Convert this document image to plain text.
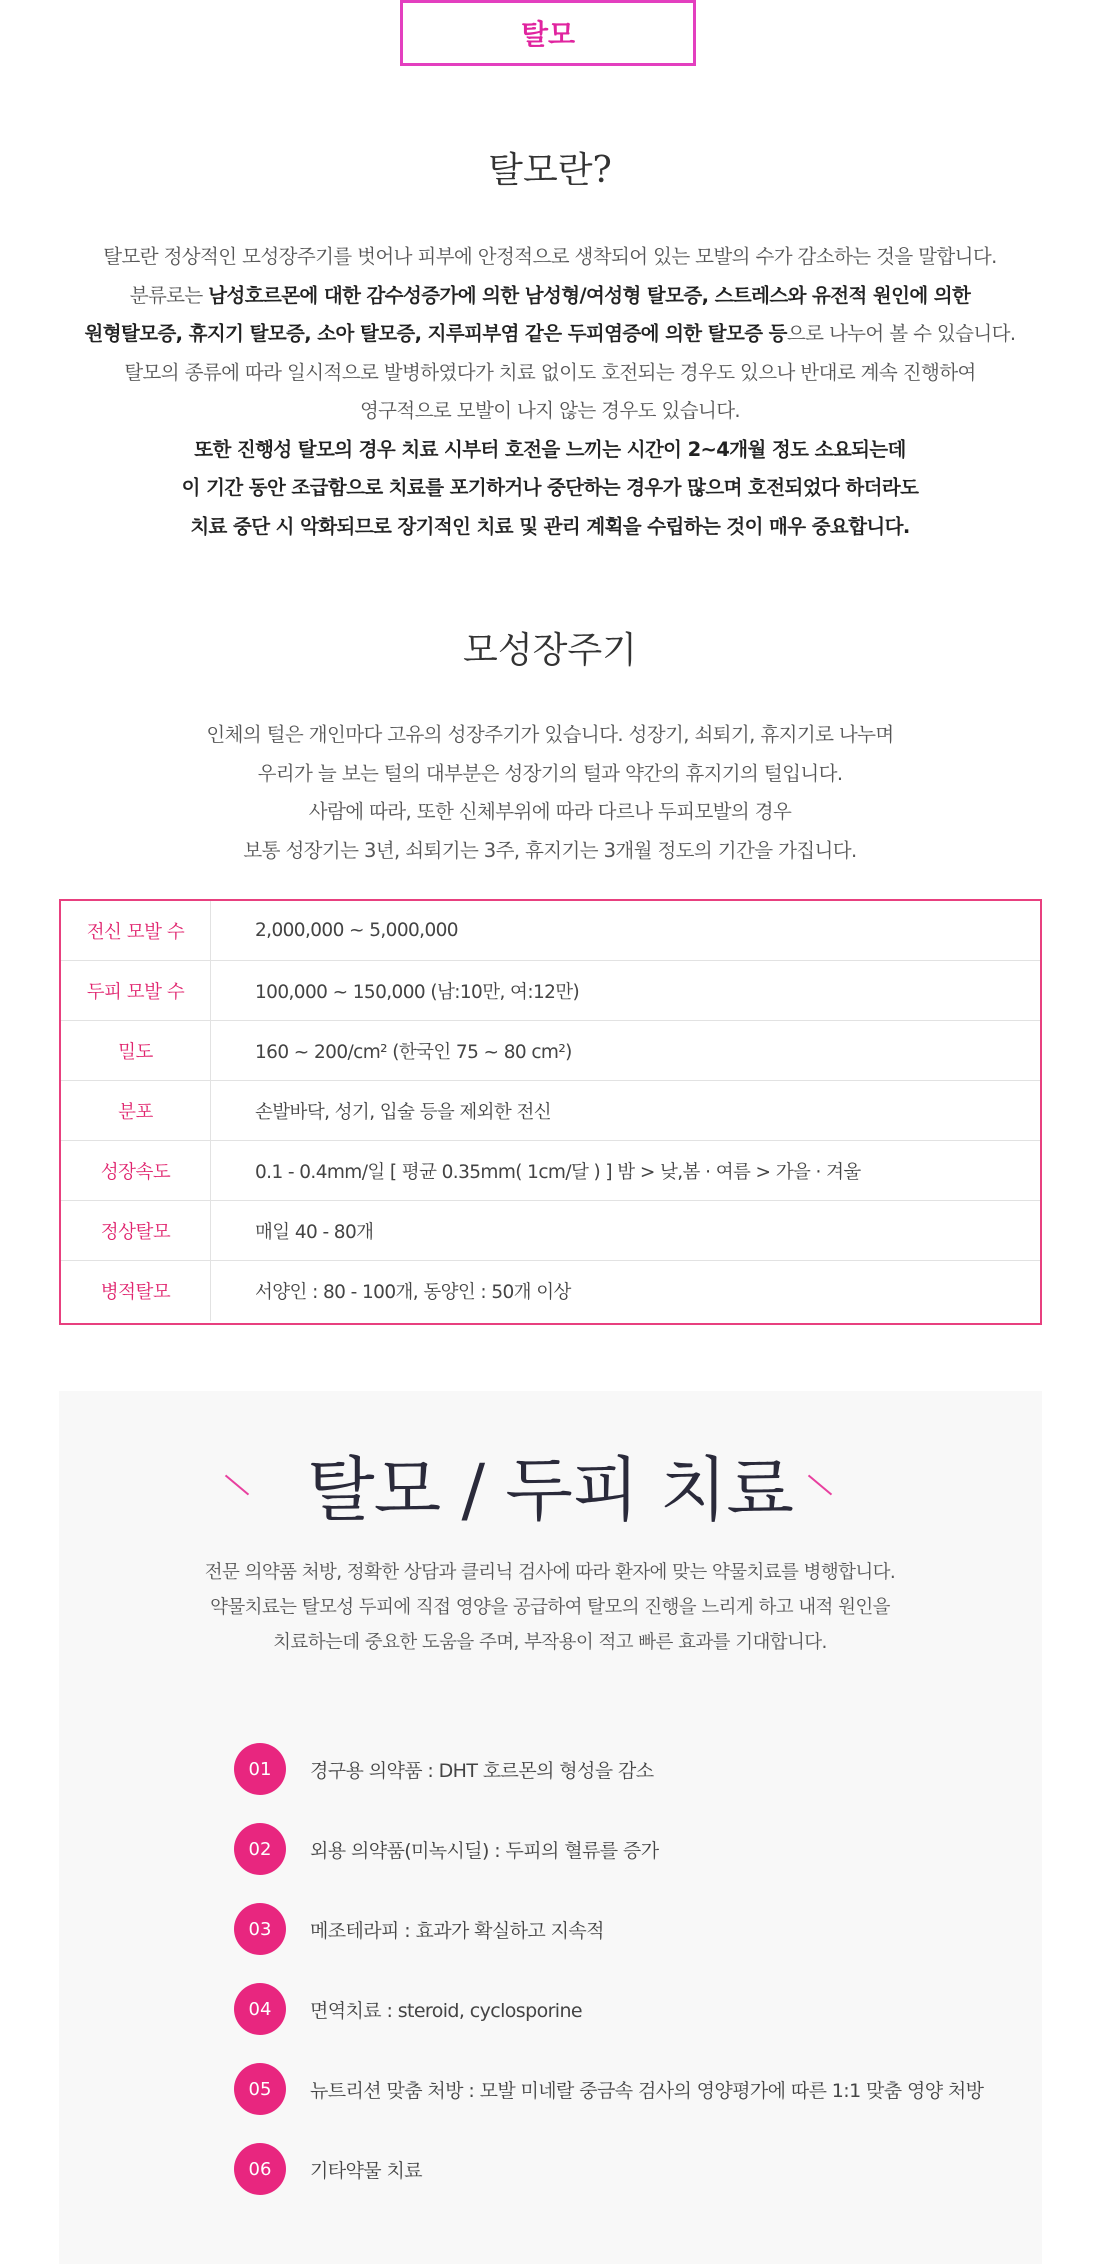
탈모
탈모란?

탈모란 정상적인 모성장주기를 벗어나 피부에 안정적으로 생착되어 있는 모발의 수가 감소하는 것을 말합니다.

분류로는 남성호르몬에 대한 감수성증가에 의한 남성형/여성형 탈모증, 스트레스와 유전적 원인에 의한

원형탈모증, 휴지기 탈모증, 소아 탈모증, 지루피부염 같은 두피염증에 의한 탈모증 등으로 나누어 볼 수 있습니다.

탈모의 종류에 따라 일시적으로 발병하였다가 치료 없이도 호전되는 경우도 있으나 반대로 계속 진행하여

영구적으로 모발이 나지 않는 경우도 있습니다.

또한 진행성 탈모의 경우 치료 시부터 호전을 느끼는 시간이 2~4개월 정도 소요되는데

이 기간 동안 조급함으로 치료를 포기하거나 중단하는 경우가 많으며 호전되었다 하더라도

치료 중단 시 악화되므로 장기적인 치료 및 관리 계획을 수립하는 것이 매우 중요합니다.

모성장주기

인체의 털은 개인마다 고유의 성장주기가 있습니다. 성장기, 쇠퇴기, 휴지기로 나누며

우리가 늘 보는 털의 대부분은 성장기의 털과 약간의 휴지기의 털입니다.

사람에 따라, 또한 신체부위에 따라 다르나 두피모발의 경우

보통 성장기는 3년, 쇠퇴기는 3주, 휴지기는 3개월 정도의 기간을 가집니다.

전신 모발 수	2,000,000 ~ 5,000,000
두피 모발 수	100,000 ~ 150,000 (남:10만, 여:12만)
밀도	160 ~ 200/cm² (한국인 75 ~ 80 cm²)
분포	손발바닥, 성기, 입술 등을 제외한 전신
성장속도	0.1 - 0.4mm/일 [ 평균 0.35mm( 1cm/달 ) ] 밤 > 낮,봄 · 여름 > 가을 · 겨울
정상탈모	매일 40 - 80개
병적탈모	서양인 : 80 - 100개, 동양인 : 50개 이상
탈모 / 두피 치료

전문 의약품 처방, 정확한 상담과 클리닉 검사에 따라 환자에 맞는 약물치료를 병행합니다.

약물치료는 탈모성 두피에 직접 영양을 공급하여 탈모의 진행을 느리게 하고 내적 원인을

치료하는데 중요한 도움을 주며, 부작용이 적고 빠른 효과를 기대합니다.

01	경구용 의약품 : DHT 호르몬의 형성을 감소
02	외용 의약품(미녹시딜) : 두피의 혈류를 증가
03	메조테라피 : 효과가 확실하고 지속적
04	면역치료 : steroid, cyclosporine
05	뉴트리션 맞춤 처방 : 모발 미네랄 중금속 검사의 영양평가에 따른 1:1 맞춤 영양 처방
06	기타약물 치료
